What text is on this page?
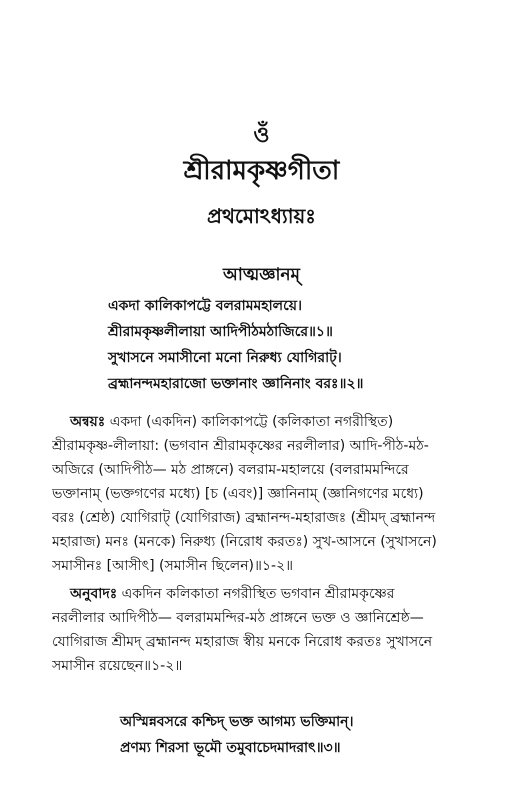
ওঁ
শ্রীরামকৃষ্ণগীতা
প্রথমোঽধ্যায়ঃ
আত্মজ্ঞানম্
একদা কালিকাপট্টে বলরামমহালয়ে।
শ্রীরামকৃষ্ণলীলায়া আদিপীঠমঠাজিরে॥১॥
সুখাসনে সমাসীনো মনো নিরুধ্য যোগিরাট্।
ব্রহ্মানন্দমহারাজো ভক্তানাং জ্ঞানিনাং বরঃ॥২॥
অন্বয়ঃ একদা (একদিন) কালিকাপট্টে (কলিকাতা নগরীস্থিত)
শ্রীরামকৃষ্ণ-লীলায়া: (ভগবান শ্রীরামকৃষ্ণের নরলীলার) আদি-পীঠ-মঠ-
অজিরে (আদিপীঠ— মঠ প্রাঙ্গনে) বলরাম-মহালয়ে (বলরামমন্দিরে
ভক্তানাম্ (ভক্তগণের মধ্যে) [চ (এবং)] জ্ঞানিনাম্ (জ্ঞানিগণের মধ্যে)
বরঃ (শ্রেষ্ঠ) যোগিরাট্ (যোগিরাজ) ব্রহ্মানন্দ-মহারাজঃ (শ্রীমদ্ ব্রহ্মানন্দ
মহারাজ) মনঃ (মনকে) নিরুধ্য (নিরোধ করতঃ) সুখ-আসনে (সুখাসনে)
সমাসীনঃ [আসীৎ] (সমাসীন ছিলেন)॥১-২॥
অনুবাদঃ একদিন কলিকাতা নগরীস্থিত ভগবান শ্রীরামকৃষ্ণের
নরলীলার আদিপীঠ— বলরামমন্দির-মঠ প্রাঙ্গনে ভক্ত ও জ্ঞানিশ্রেষ্ঠ—
যোগিরাজ শ্রীমদ্ ব্রহ্মানন্দ মহারাজ স্বীয় মনকে নিরোধ করতঃ সুখাসনে
সমাসীন রয়েছেন॥১-২॥
অস্মিন্নবসরে কশ্চিদ্ ভক্ত আগম্য ভক্তিমান্।
প্রণম্য শিরসা ভূমৌ তমুবাচেদমাদরাৎ॥৩॥
